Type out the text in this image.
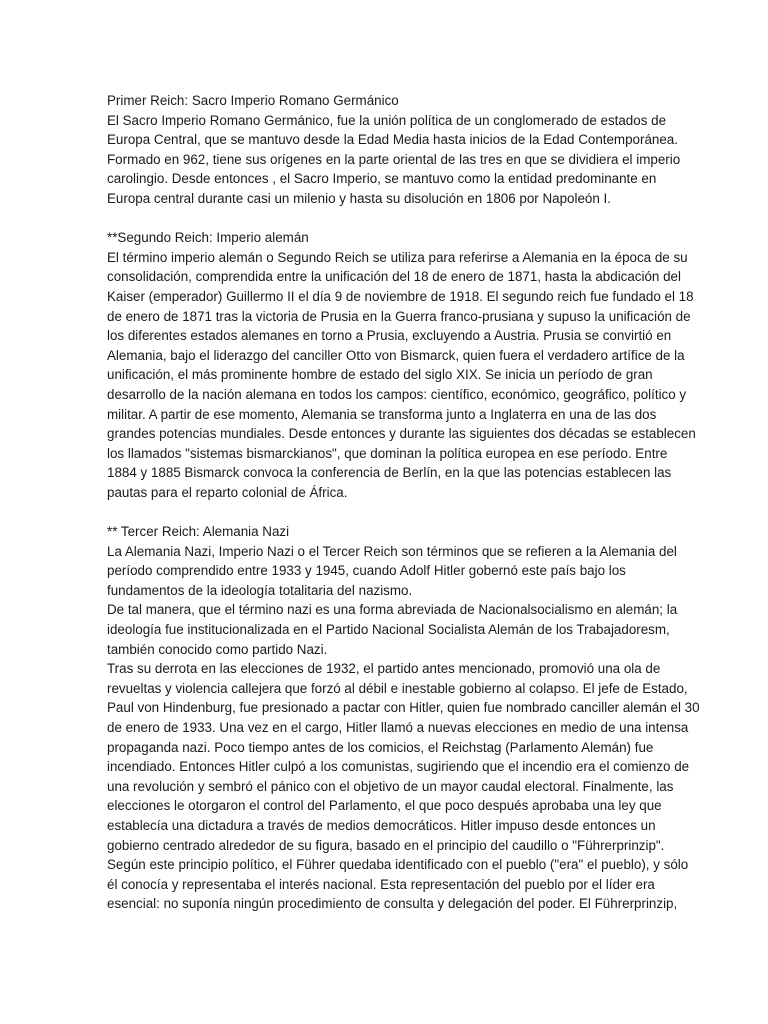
Primer Reich: Sacro Imperio Romano Germánico
El Sacro Imperio Romano Germánico, fue la unión política de un conglomerado de estados de
Europa Central, que se mantuvo desde la Edad Media hasta inicios de la Edad Contemporánea.
Formado en 962, tiene sus orígenes en la parte oriental de las tres en que se dividiera el imperio
carolingio. Desde entonces , el Sacro Imperio, se mantuvo como la entidad predominante en
Europa central durante casi un milenio y hasta su disolución en 1806 por Napoleón I.
**Segundo Reich: Imperio alemán
El término imperio alemán o Segundo Reich se utiliza para referirse a Alemania en la época de su
consolidación, comprendida entre la unificación del 18 de enero de 1871, hasta la abdicación del
Kaiser (emperador) Guillermo II el día 9 de noviembre de 1918. El segundo reich fue fundado el 18
de enero de 1871 tras la victoria de Prusia en la Guerra franco-prusiana y supuso la unificación de
los diferentes estados alemanes en torno a Prusia, excluyendo a Austria. Prusia se convirtió en
Alemania, bajo el liderazgo del canciller Otto von Bismarck, quien fuera el verdadero artífice de la
unificación, el más prominente hombre de estado del siglo XIX. Se inicia un período de gran
desarrollo de la nación alemana en todos los campos: científico, económico, geográfico, político y
militar. A partir de ese momento, Alemania se transforma junto a Inglaterra en una de las dos
grandes potencias mundiales. Desde entonces y durante las siguientes dos décadas se establecen
los llamados "sistemas bismarckianos", que dominan la política europea en ese período. Entre
1884 y 1885 Bismarck convoca la conferencia de Berlín, en la que las potencias establecen las
pautas para el reparto colonial de África.
** Tercer Reich: Alemania Nazi
La Alemania Nazi, Imperio Nazi o el Tercer Reich son términos que se refieren a la Alemania del
período comprendido entre 1933 y 1945, cuando Adolf Hitler gobernó este país bajo los
fundamentos de la ideología totalitaria del nazismo.
De tal manera, que el término nazi es una forma abreviada de Nacionalsocialismo en alemán; la
ideología fue institucionalizada en el Partido Nacional Socialista Alemán de los Trabajadoresm,
también conocido como partido Nazi.
Tras su derrota en las elecciones de 1932, el partido antes mencionado, promovió una ola de
revueltas y violencia callejera que forzó al débil e inestable gobierno al colapso. El jefe de Estado,
Paul von Hindenburg, fue presionado a pactar con Hitler, quien fue nombrado canciller alemán el 30
de enero de 1933. Una vez en el cargo, Hitler llamó a nuevas elecciones en medio de una intensa
propaganda nazi. Poco tiempo antes de los comicios, el Reichstag (Parlamento Alemán) fue
incendiado. Entonces Hitler culpó a los comunistas, sugiriendo que el incendio era el comienzo de
una revolución y sembró el pánico con el objetivo de un mayor caudal electoral. Finalmente, las
elecciones le otorgaron el control del Parlamento, el que poco después aprobaba una ley que
establecía una dictadura a través de medios democráticos. Hitler impuso desde entonces un
gobierno centrado alrededor de su figura, basado en el principio del caudillo o "Führerprinzip".
Según este principio político, el Führer quedaba identificado con el pueblo ("era" el pueblo), y sólo
él conocía y representaba el interés nacional. Esta representación del pueblo por el líder era
esencial: no suponía ningún procedimiento de consulta y delegación del poder. El Führerprinzip,
